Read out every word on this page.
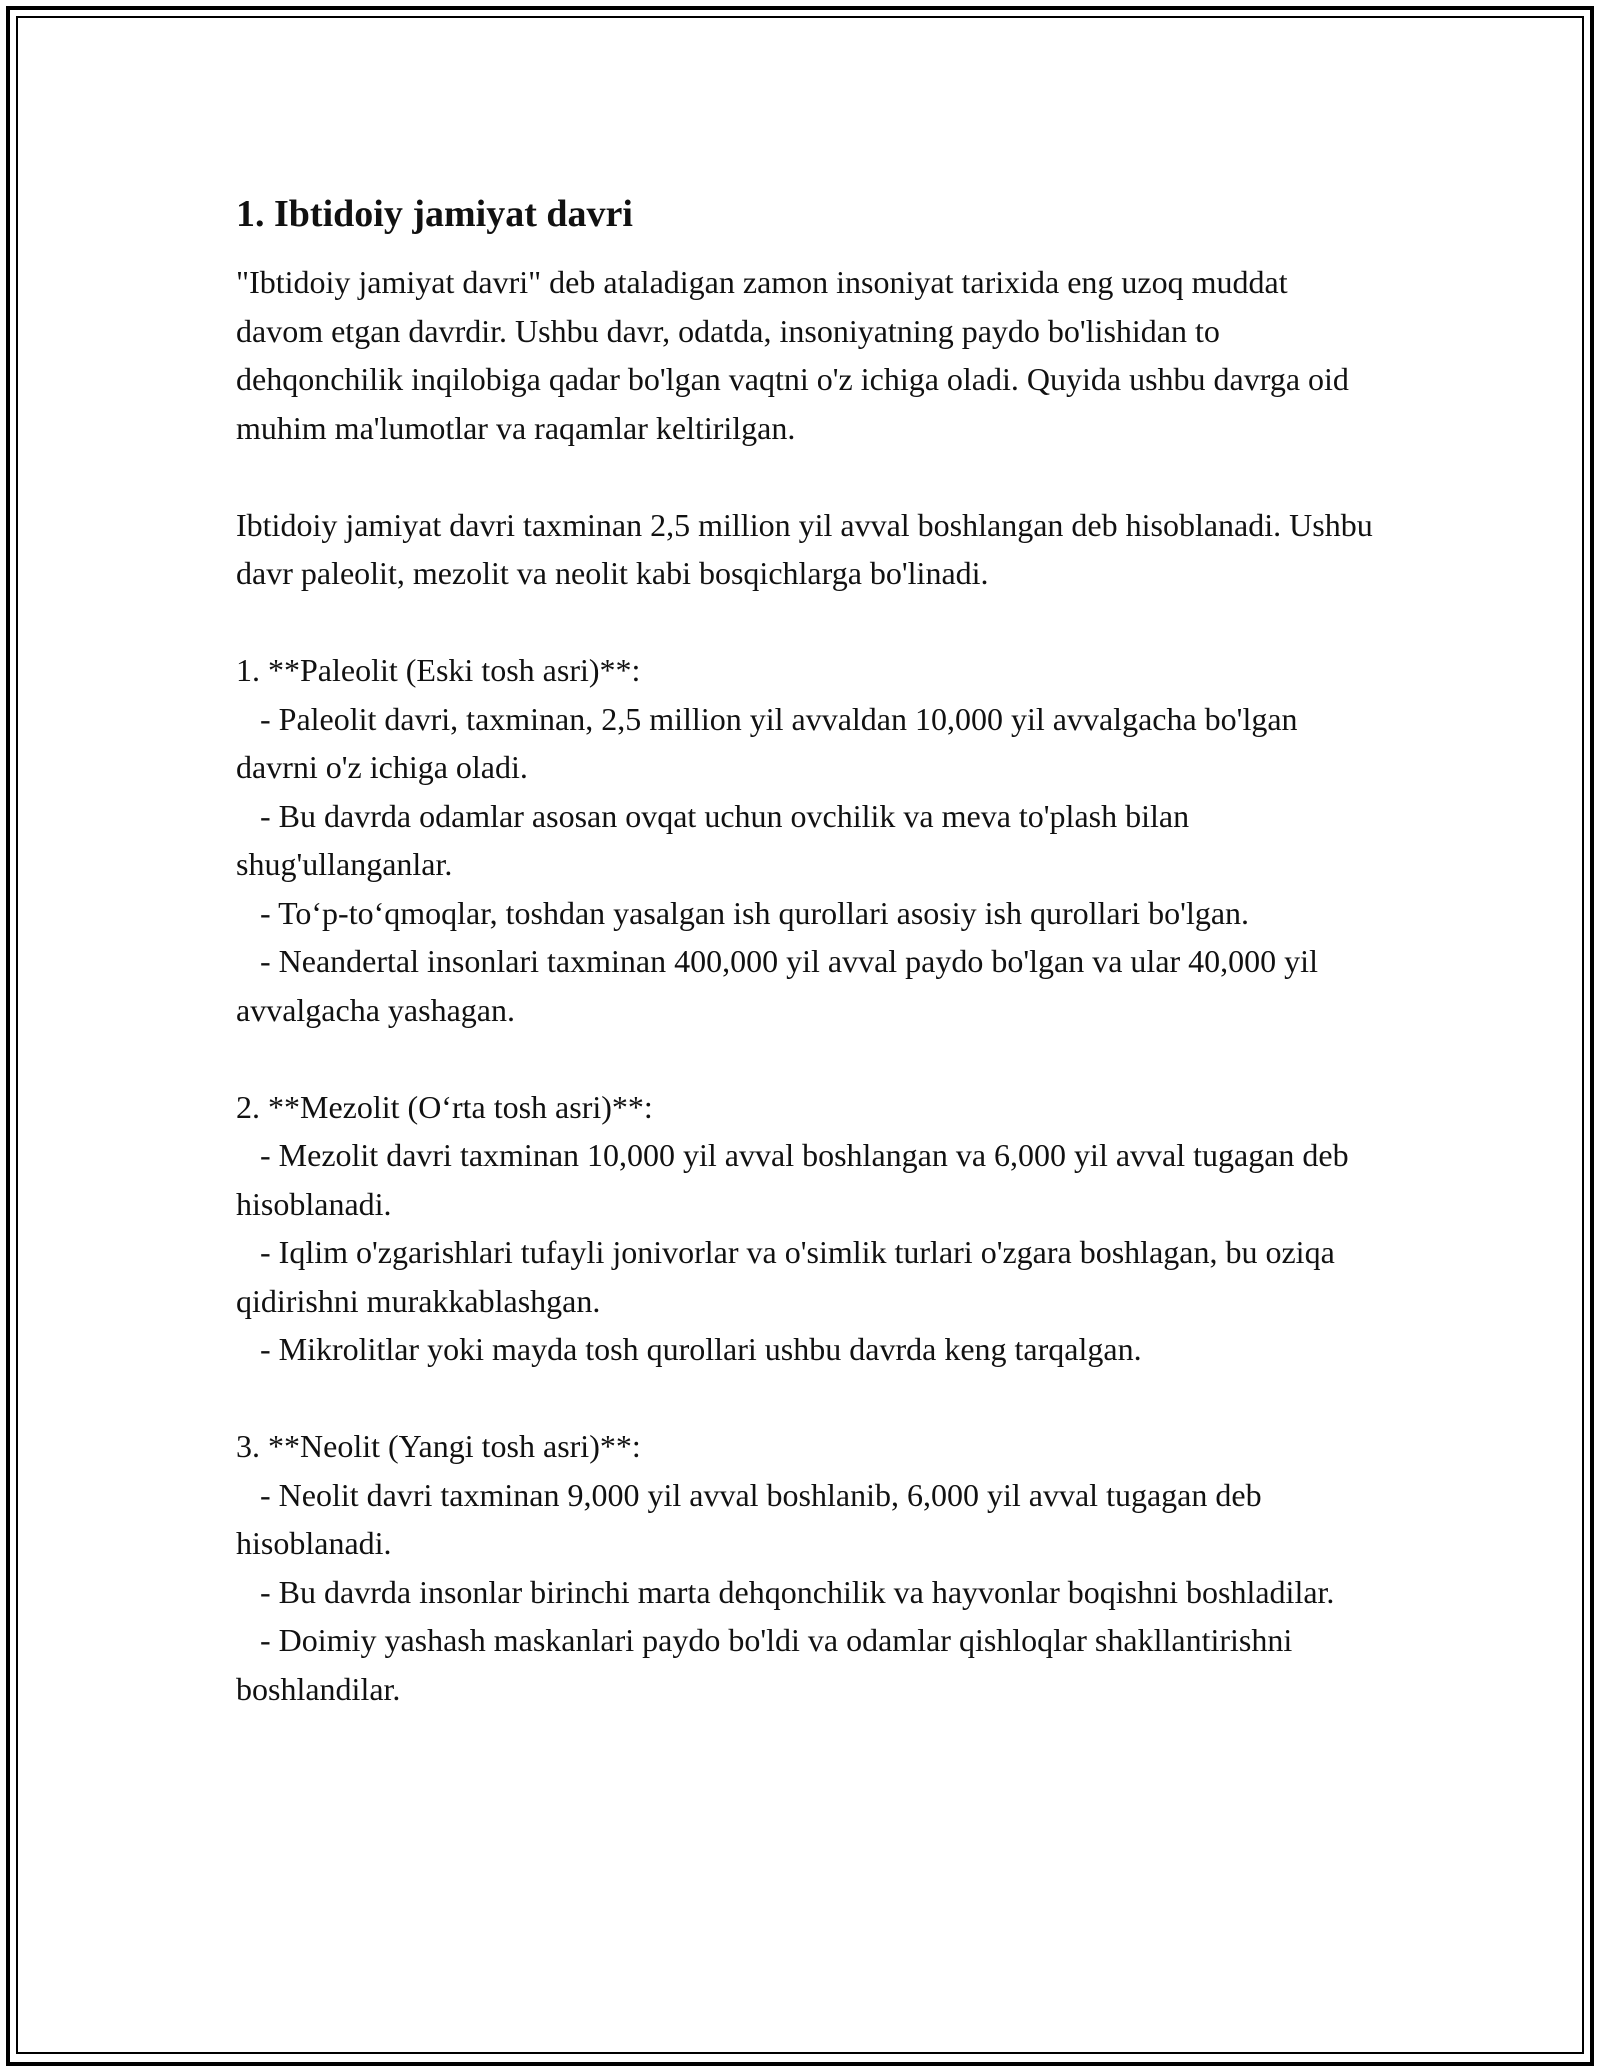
1. Ibtidoiy jamiyat davri

"Ibtidoiy jamiyat davri" deb ataladigan zamon insoniyat tarixida eng uzoq muddat davom etgan davrdir. Ushbu davr, odatda, insoniyatning paydo bo'lishidan to dehqonchilik inqilobiga qadar bo'lgan vaqtni o'z ichiga oladi. Quyida ushbu davrga oid muhim ma'lumotlar va raqamlar keltirilgan.

Ibtidoiy jamiyat davri taxminan 2,5 million yil avval boshlangan deb hisoblanadi. Ushbu davr paleolit, mezolit va neolit kabi bosqichlarga bo'linadi.

1. **Paleolit (Eski tosh asri)**:

- Paleolit davri, taxminan, 2,5 million yil avvaldan 10,000 yil avvalgacha bo'lgan davrni o'z ichiga oladi.

- Bu davrda odamlar asosan ovqat uchun ovchilik va meva to'plash bilan shug'ullanganlar.

- To‘p-to‘qmoqlar, toshdan yasalgan ish qurollari asosiy ish qurollari bo'lgan.

- Neandertal insonlari taxminan 400,000 yil avval paydo bo'lgan va ular 40,000 yil avvalgacha yashagan.

2. **Mezolit (O‘rta tosh asri)**:

- Mezolit davri taxminan 10,000 yil avval boshlangan va 6,000 yil avval tugagan deb hisoblanadi.

- Iqlim o'zgarishlari tufayli jonivorlar va o'simlik turlari o'zgara boshlagan, bu oziqa qidirishni murakkablashgan.

- Mikrolitlar yoki mayda tosh qurollari ushbu davrda keng tarqalgan.

3. **Neolit (Yangi tosh asri)**:

- Neolit davri taxminan 9,000 yil avval boshlanib, 6,000 yil avval tugagan deb hisoblanadi.

- Bu davrda insonlar birinchi marta dehqonchilik va hayvonlar boqishni boshladilar.

- Doimiy yashash maskanlari paydo bo'ldi va odamlar qishloqlar shakllantirishni boshlandilar.
